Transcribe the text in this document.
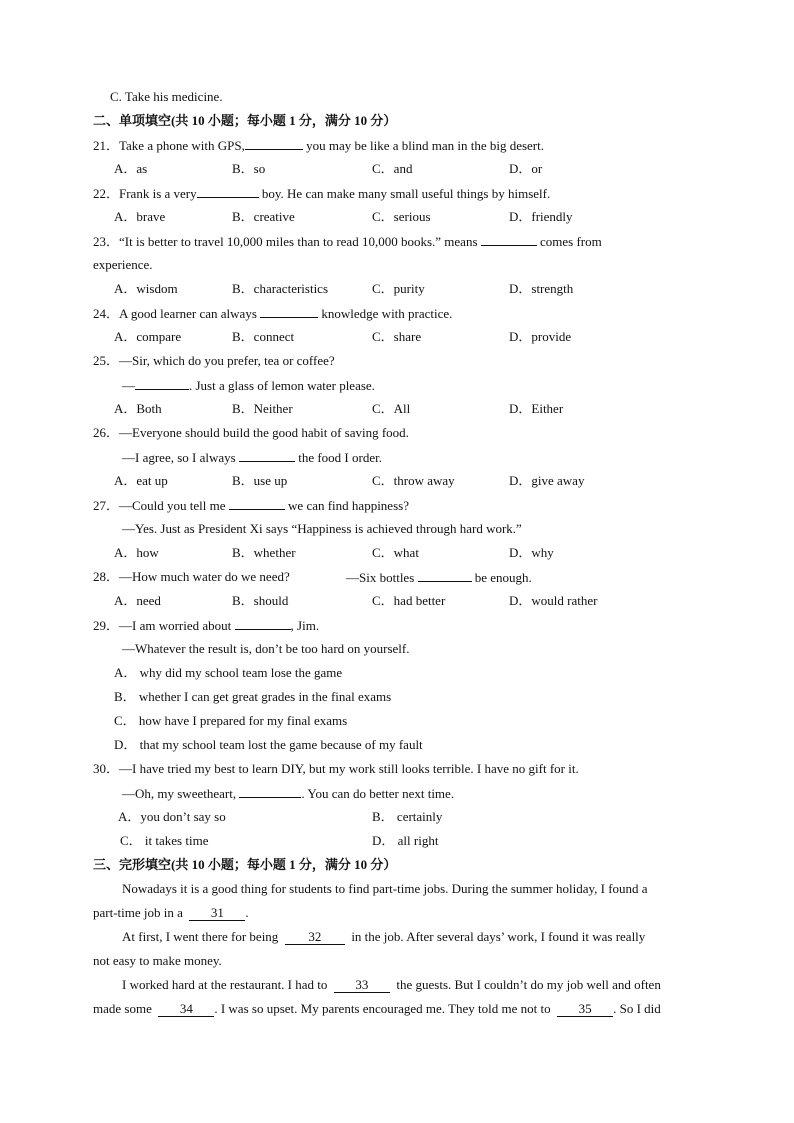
C. Take his medicine.
二、单项填空(共 10 小题；每小题 1 分，满分 10 分）
21．Take a phone with GPS,	you may be like a blind man in the big desert.
A．as	B．so	C．and	D．or
22．Frank is a very	boy. He can make many small useful things by himself.
A．brave	B．creative	C．serious	D．friendly
23．“It is better to travel 10,000 miles than to read 10,000 books.” means	comes from
experience.
A．wisdom	B．characteristics	C．purity	D．strength
24．A good learner can always	knowledge with practice.
A．compare	B．connect	C．share	D．provide
25．—Sir, which do you prefer, tea or coffee?
—	. Just a glass of lemon water please.
A．Both	B．Neither	C．All	D．Either
26．—Everyone should build the good habit of saving food.
—I agree, so I always	the food I order.
A．eat up	B．use up	C．throw away	D．give away
27．—Could you tell me	we can find happiness?
—Yes. Just as President Xi says “Happiness is achieved through hard work.”
A．how	B．whether	C．what	D．why
28．—How much water do we need?	—Six bottles	be enough.
A．need	B．should	C．had better	D．would rather
29．—I am worried about	, Jim.
—Whatever the result is, don’t be too hard on yourself.
A． why did my school team lose the game
B． whether I can get great grades in the final exams
C． how have I prepared for my final exams
D． that my school team lost the game because of my fault
30．—I have tried my best to learn DIY, but my work still looks terrible. I have no gift for it.
—Oh, my sweetheart,	. You can do better next time.
A．you don’t say so	B． certainly
C． it takes time	D． all right
三、完形填空(共 10 小题；每小题 1 分，满分 10 分）
Nowadays it is a good thing for students to find part-time jobs. During the summer holiday, I found a
part-time job in a 31 .
At first, I went there for being 32 in the job. After several days’ work, I found it was really
not easy to make money.
I worked hard at the restaurant. I had to 33 the guests. But I couldn’t do my job well and often
made some 34 . I was so upset. My parents encouraged me. They told me not to 35 . So I did
